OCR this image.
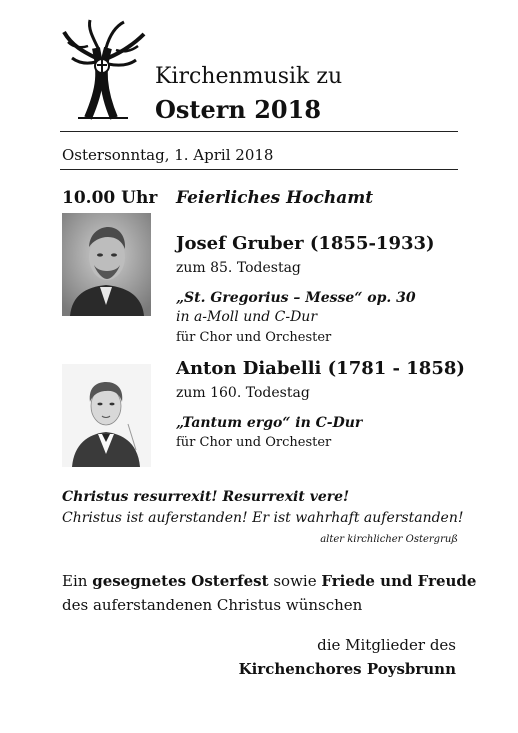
Kirchenmusik zu
Ostern 2018
Ostersonntag, 1. April 2018
10.00 Uhr Feierliches Hochamt
Josef Gruber (1855-1933)
zum 85. Todestag
„St. Gregorius – Messe“ op. 30
in a-Moll und C-Dur
für Chor und Orchester
Anton Diabelli (1781 - 1858)
zum 160. Todestag
„Tantum ergo“ in C-Dur
für Chor und Orchester
Christus resurrexit! Resurrexit vere!
Christus ist auferstanden! Er ist wahrhaft auferstanden!
alter kirchlicher Ostergruß
Ein gesegnetes Osterfest sowie Friede und Freude
des auferstandenen Christus wünschen
die Mitglieder des
Kirchenchores Poysbrunn
